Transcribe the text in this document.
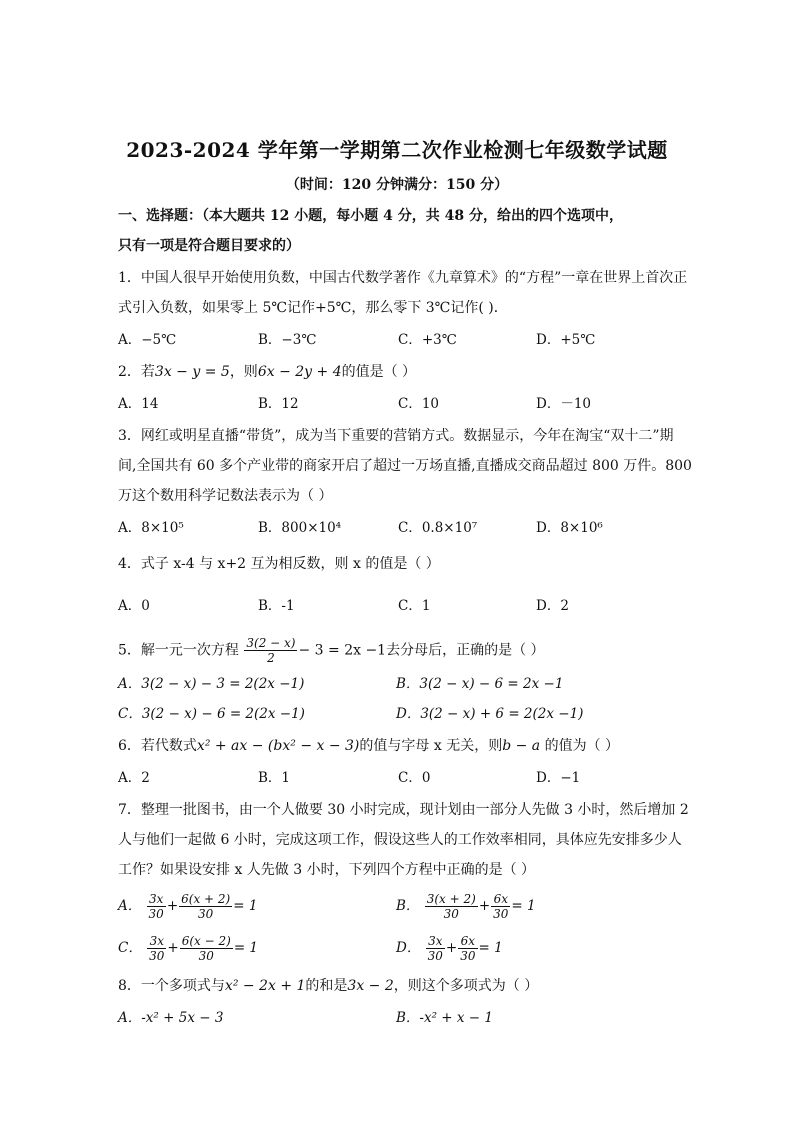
2023-2024 学年第一学期第二次作业检测七年级数学试题
（时间：120 分钟满分：150 分）
一、选择题：（本大题共 12 小题，每小题 4 分，共 48 分，给出的四个选项中，
只有一项是符合题目要求的）
1．中国人很早开始使用负数，中国古代数学著作《九章算术》的“方程”一章在世界上首次正
式引入负数，如果零上 5℃记作+5℃，那么零下 3℃记作( )．
A．−5℃	B．−3℃	C．+3℃	D．+5℃
2．若3x − y = 5，则6x − 2y + 4的值是（ ）
A．14	B．12	C．10	D．－10
3．网红或明星直播“带货”，成为当下重要的营销方式。数据显示，今年在淘宝“双十二”期
间,全国共有 60 多个产业带的商家开启了超过一万场直播,直播成交商品超过 800 万件。800
万这个数用科学记数法表示为（ ）
A．8×10⁵	B．800×10⁴	C．0.8×10⁷	D．8×10⁶
4．式子 x-4 与 x+2 互为相反数，则 x 的值是（ ）
A．0	B．-1	C．1	D．2
5．解一元一次方程 $\frac{3(2 - x)}{2} - 3 = 2x -1$去分母后，正确的是（ ）
A．3(2 − x) − 3 = 2(2x −1)	B．3(2 − x) − 6 = 2x −1
C．3(2 − x) − 6 = 2(2x −1)	D．3(2 − x) + 6 = 2(2x −1)
6．若代数式x² + ax − (bx² − x − 3)的值与字母 x 无关，则b − a 的值为（ ）
A．2	B．1	C．0	D．−1
7．整理一批图书，由一个人做要 30 小时完成，现计划由一部分人先做 3 小时，然后增加 2
人与他们一起做 6 小时，完成这项工作，假设这些人的工作效率相同，具体应先安排多少人
工作？如果设安排 x 人先做 3 小时，下列四个方程中正确的是（ ）
A． $\frac{3x}{30} + \frac{6(x + 2)}{30} = 1$	B． $\frac{3(x + 2)}{30} + \frac{6x}{30} = 1$
C． $\frac{3x}{30} + \frac{6(x - 2)}{30} = 1$	D． $\frac{3x}{30} + \frac{6x}{30} = 1$
8．一个多项式与x² − 2x + 1的和是3x − 2，则这个多项式为（ ）
A．-x² + 5x − 3	B．-x² + x − 1
